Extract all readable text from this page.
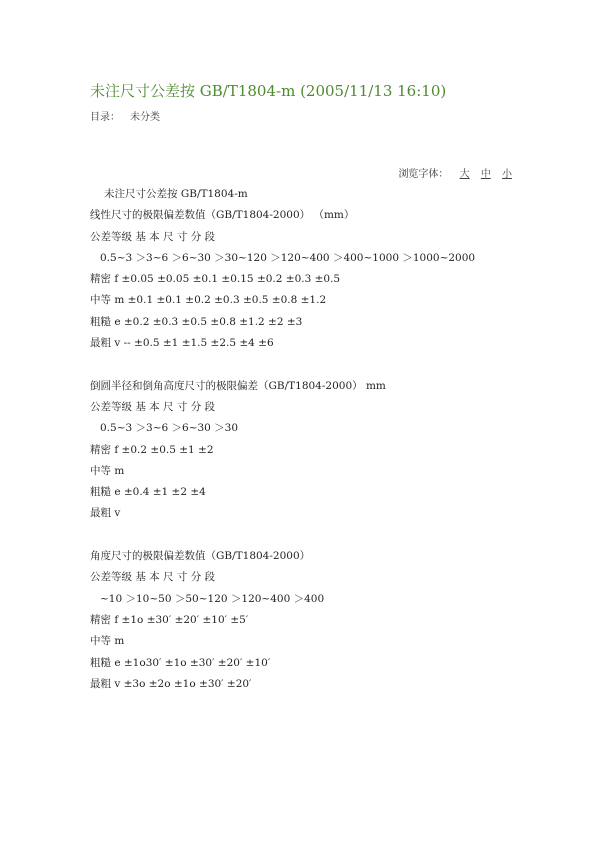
未注尺寸公差按 GB/T1804-m (2005/11/13 16:10)
目录： 未分类
浏览字体： 大 中 小
未注尺寸公差按 GB/T1804-m
线性尺寸的极限偏差数值（GB/T1804-2000） （mm）
公差等级 基 本 尺 寸 分 段
0.5~3 ＞3~6 ＞6~30 ＞30~120 ＞120~400 ＞400~1000 ＞1000~2000
精密 f ±0.05 ±0.05 ±0.1 ±0.15 ±0.2 ±0.3 ±0.5
中等 m ±0.1 ±0.1 ±0.2 ±0.3 ±0.5 ±0.8 ±1.2
粗糙 e ±0.2 ±0.3 ±0.5 ±0.8 ±1.2 ±2 ±3
最粗 v -- ±0.5 ±1 ±1.5 ±2.5 ±4 ±6
倒圆半径和倒角高度尺寸的极限偏差（GB/T1804-2000） mm
公差等级 基 本 尺 寸 分 段
0.5~3 ＞3~6 ＞6~30 ＞30
精密 f ±0.2 ±0.5 ±1 ±2
中等 m
粗糙 e ±0.4 ±1 ±2 ±4
最粗 v
角度尺寸的极限偏差数值（GB/T1804-2000）
公差等级 基 本 尺 寸 分 段
~10 ＞10~50 ＞50~120 ＞120~400 ＞400
精密 f ±1o ±30′ ±20′ ±10′ ±5′
中等 m
粗糙 e ±1o30′ ±1o ±30′ ±20′ ±10′
最粗 v ±3o ±2o ±1o ±30′ ±20′
